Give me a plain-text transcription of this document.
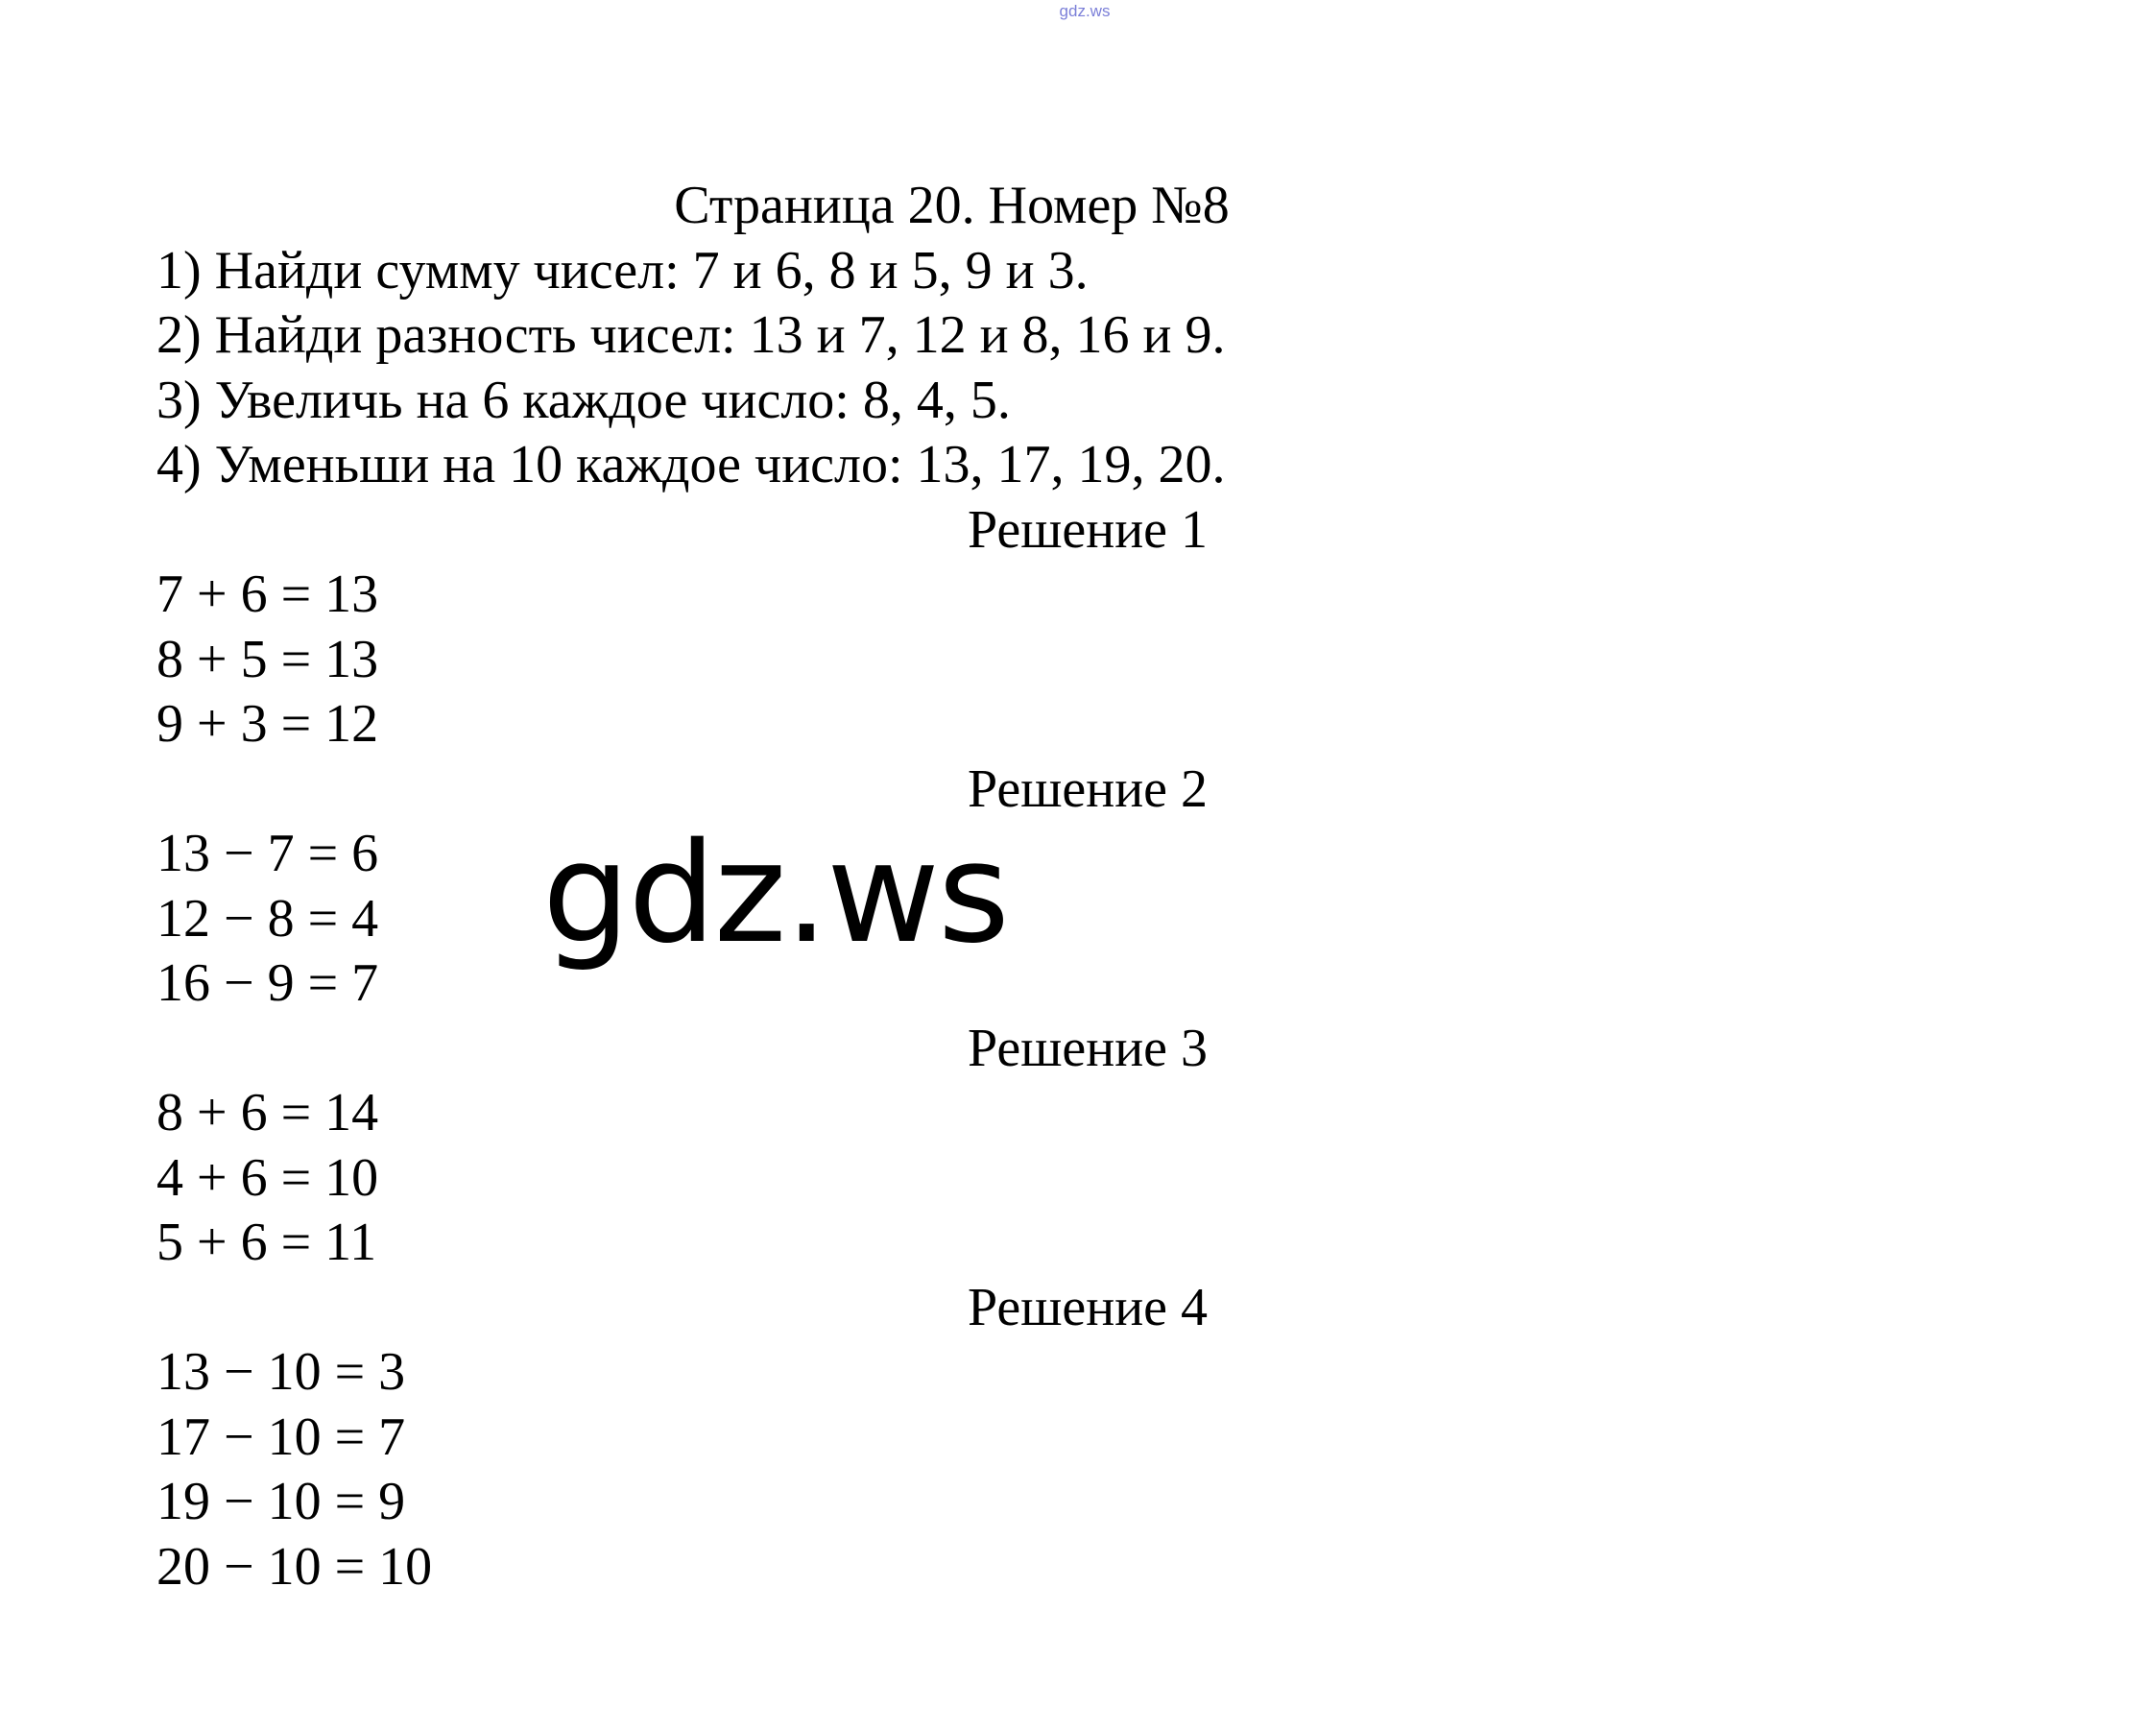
gdz.ws
Страница 20. Номер №8
1) Найди сумму чисел: 7 и 6, 8 и 5, 9 и 3.
2) Найди разность чисел: 13 и 7, 12 и 8, 16 и 9.
3) Увеличь на 6 каждое число: 8, 4, 5.
4) Уменьши на 10 каждое число: 13, 17, 19, 20.
Решение 1
7 + 6 = 13
8 + 5 = 13
9 + 3 = 12
Решение 2
13 − 7 = 6
12 − 8 = 4
16 − 9 = 7
Решение 3
8 + 6 = 14
4 + 6 = 10
5 + 6 = 11
Решение 4
13 − 10 = 3
17 − 10 = 7
19 − 10 = 9
20 − 10 = 10
gdz.ws
